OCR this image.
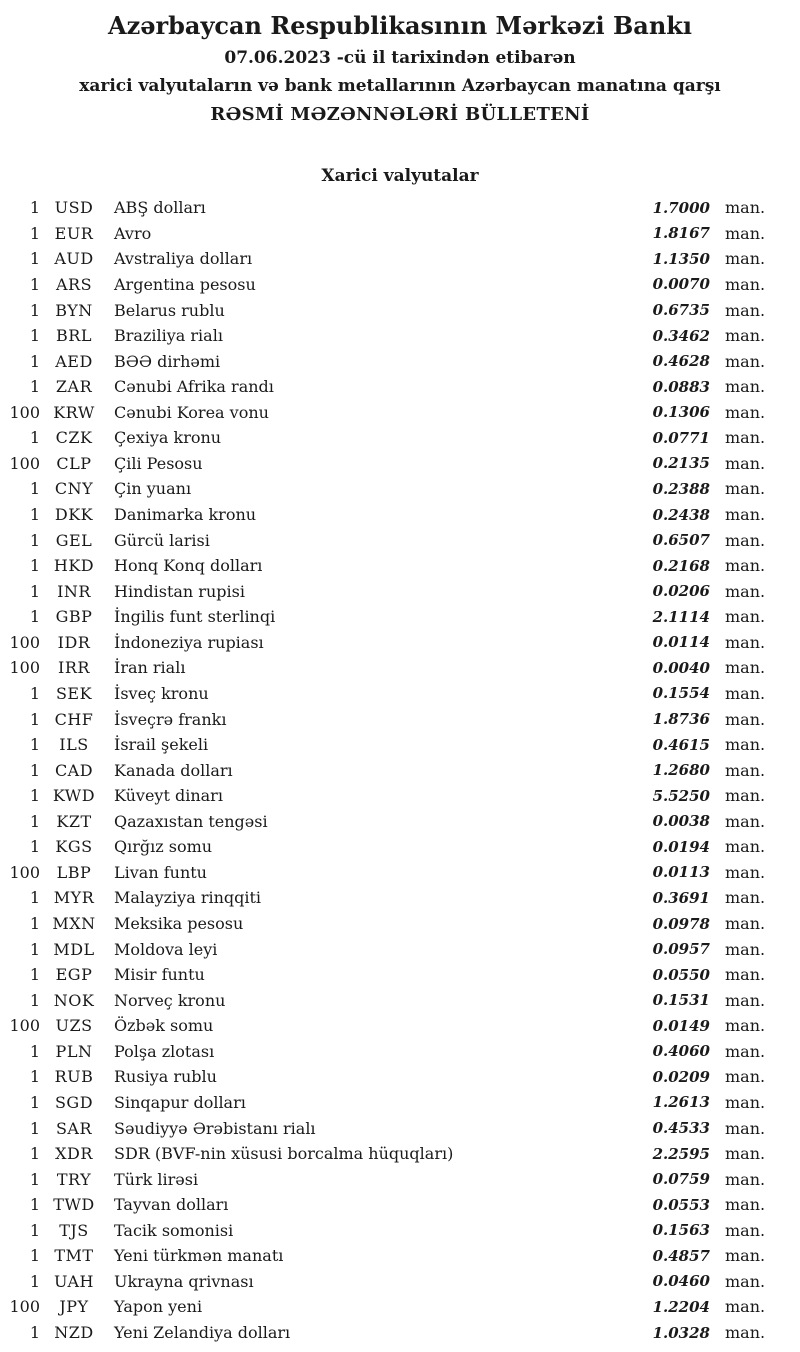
Azərbaycan Respublikasının Mərkəzi Bankı
07.06.2023 -cü il tarixindən etibarən
xarici valyutaların və bank metallarının Azərbaycan manatına qarşı
RƏSMİ MƏZƏNNƏLƏRİ BÜLLETENİ
Xarici valyutalar
1 USD	ABŞ dolları	1.7000 man.
1 EUR	Avro	1.8167 man.
1 AUD	Avstraliya dolları	1.1350 man.
1 ARS	Argentina pesosu	0.0070 man.
1 BYN	Belarus rublu	0.6735 man.
1	BRL	Braziliya rialı	0.3462 man.
1 AED	BƏƏ dirhəmi	0.4628 man.
1 ZAR	Cənubi Afrika randı	0.0883 man.
100 KRW	Cənubi Korea vonu	0.1306 man.
1 CZK	Çexiya kronu	0.0771 man.
100	CLP	Çili Pesosu	0.2135 man.
1 CNY	Çin yuanı	0.2388 man.
1 DKK	Danimarka kronu	0.2438 man.
1 GEL	Gürcü larisi	0.6507 man.
1 HKD	Honq Konq dolları	0.2168 man.
1	INR	Hindistan rupisi	0.0206 man.
1 GBP	İngilis funt sterlinqi	2.1114 man.
100	IDR	İndoneziya rupiası	0.0114 man.
100	IRR	İran rialı	0.0040 man.
1 SEK	İsveç kronu	0.1554 man.
1 CHF	İsveçrə frankı	1.8736 man.
1	ILS	İsrail şekeli	0.4615 man.
1 CAD	Kanada dolları	1.2680 man.
1 KWD	Küveyt dinarı	5.5250 man.
1	KZT	Qazaxıstan tengəsi	0.0038 man.
1 KGS	Qırğız somu	0.0194 man.
100	LBP	Livan funtu	0.0113 man.
1 MYR	Malayziya rinqqiti	0.3691 man.
1 MXN	Meksika pesosu	0.0978 man.
1 MDL	Moldova leyi	0.0957 man.
1 EGP	Misir funtu	0.0550 man.
1 NOK	Norveç kronu	0.1531 man.
100 UZS	Özbək somu	0.0149 man.
1 PLN	Polşa zlotası	0.4060 man.
1 RUB	Rusiya rublu	0.0209 man.
1 SGD	Sinqapur dolları	1.2613 man.
1 SAR	Səudiyyə Ərəbistanı rialı	0.4533 man.
1 XDR	SDR (BVF-nin xüsusi borcalma hüquqları)	2.2595 man.
1	TRY	Türk lirəsi	0.0759 man.
1 TWD	Tayvan dolları	0.0553 man.
1	TJS	Tacik somonisi	0.1563 man.
1 TMT	Yeni türkmən manatı	0.4857 man.
1 UAH	Ukrayna qrivnası	0.0460 man.
100	JPY	Yapon yeni	1.2204 man.
1 NZD	Yeni Zelandiya dolları	1.0328 man.
